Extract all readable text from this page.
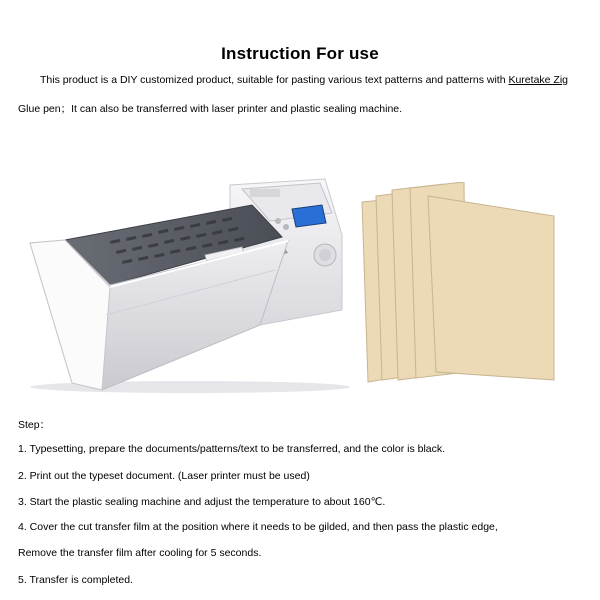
Instruction For use
This product is a DIY customized product, suitable for pasting various text patterns and patterns with Kuretake Zig
Glue pen；It can also be transferred with laser printer and plastic sealing machine.
Step：
1. Typesetting, prepare the documents/patterns/text to be transferred, and the color is black.
2. Print out the typeset document. (Laser printer must be used)
3. Start the plastic sealing machine and adjust the temperature to about 160℃.
4. Cover the cut transfer film at the position where it needs to be gilded, and then pass the plastic edge,
Remove the transfer film after cooling for 5 seconds.
5. Transfer is completed.
